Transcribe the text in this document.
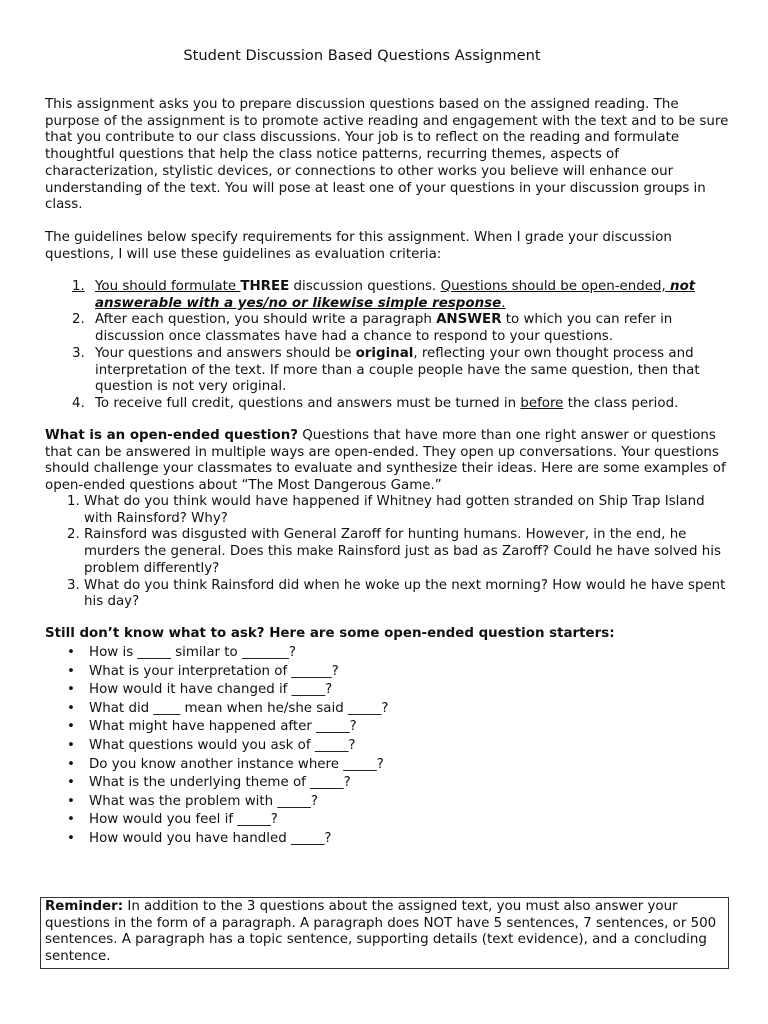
Student Discussion Based Questions Assignment

This assignment asks you to prepare discussion questions based on the assigned reading. The purpose of the assignment is to promote active reading and engagement with the text and to be sure that you contribute to our class discussions. Your job is to reflect on the reading and formulate thoughtful questions that help the class notice patterns, recurring themes, aspects of characterization, stylistic devices, or connections to other works you believe will enhance our understanding of the text. You will pose at least one of your questions in your discussion groups in class.

The guidelines below specify requirements for this assignment. When I grade your discussion questions, I will use these guidelines as evaluation criteria:

1. You should formulate THREE discussion questions. Questions should be open-ended, not answerable with a yes/no or likewise simple response.
2. After each question, you should write a paragraph ANSWER to which you can refer in discussion once classmates have had a chance to respond to your questions.
3. Your questions and answers should be original, reflecting your own thought process and interpretation of the text. If more than a couple people have the same question, then that question is not very original.
4. To receive full credit, questions and answers must be turned in before the class period.

What is an open-ended question? Questions that have more than one right answer or questions that can be answered in multiple ways are open-ended. They open up conversations. Your questions should challenge your classmates to evaluate and synthesize their ideas. Here are some examples of open-ended questions about “The Most Dangerous Game.”

1. What do you think would have happened if Whitney had gotten stranded on Ship Trap Island with Rainsford? Why?
2. Rainsford was disgusted with General Zaroff for hunting humans. However, in the end, he murders the general. Does this make Rainsford just as bad as Zaroff? Could he have solved his problem differently?
3. What do you think Rainsford did when he woke up the next morning? How would he have spent his day?

Still don’t know what to ask? Here are some open-ended question starters:

• How is _____ similar to _______?
• What is your interpretation of ______?
• How would it have changed if _____?
• What did ____ mean when he/she said _____?
• What might have happened after _____?
• What questions would you ask of _____?
• Do you know another instance where _____?
• What is the underlying theme of _____?
• What was the problem with _____?
• How would you feel if _____?
• How would you have handled _____?
Reminder: In addition to the 3 questions about the assigned text, you must also answer your questions in the form of a paragraph. A paragraph does NOT have 5 sentences, 7 sentences, or 500 sentences. A paragraph has a topic sentence, supporting details (text evidence), and a concluding sentence.
